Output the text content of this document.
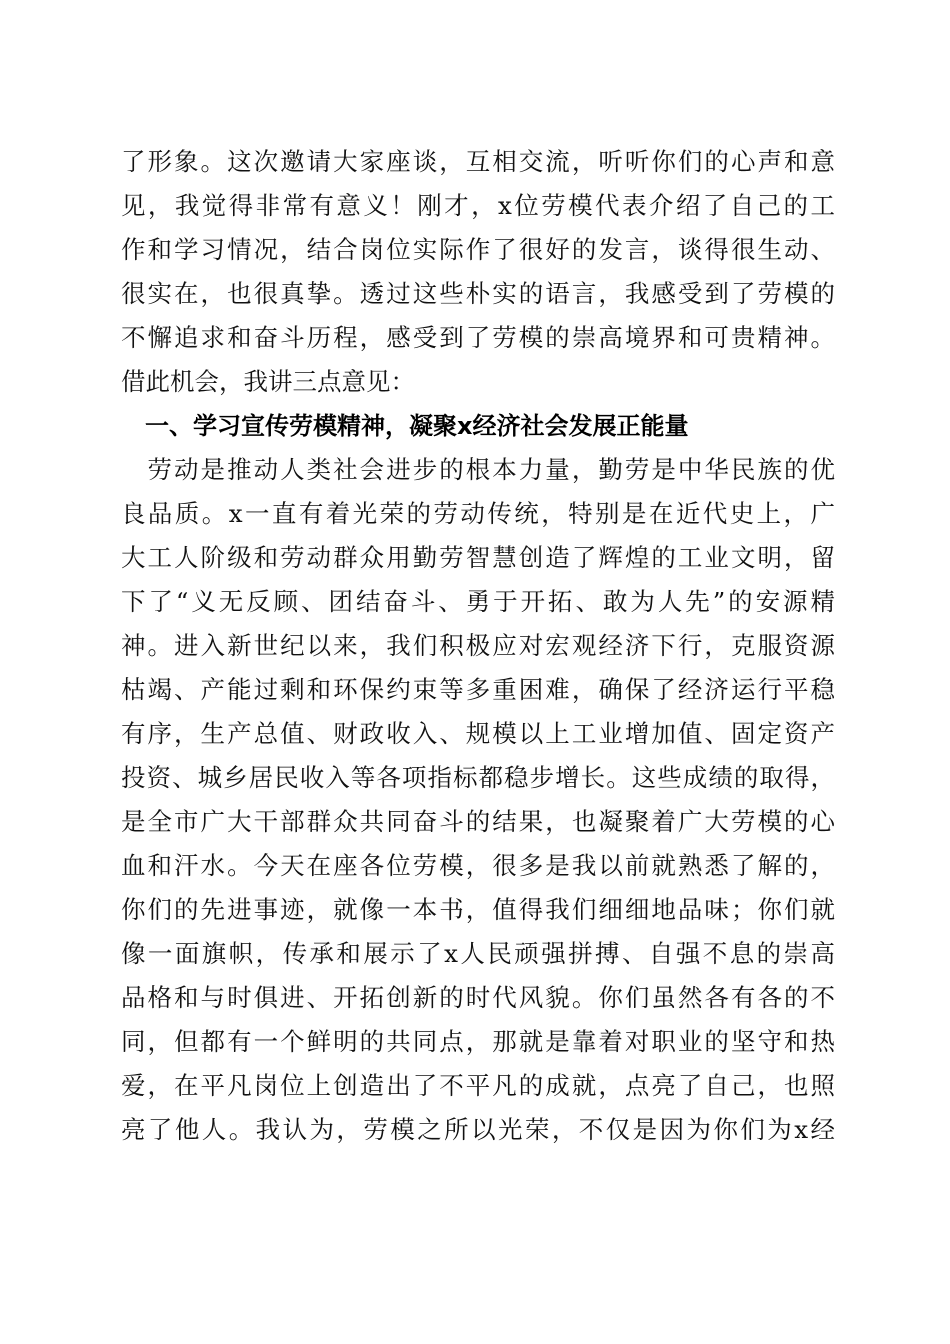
了形象。这次邀请大家座谈，互相交流，听听你们的心声和意
见，我觉得非常有意义！刚才，x位劳模代表介绍了自己的工
作和学习情况，结合岗位实际作了很好的发言，谈得很生动、
很实在，也很真挚。透过这些朴实的语言，我感受到了劳模的
不懈追求和奋斗历程，感受到了劳模的崇高境界和可贵精神。
借此机会，我讲三点意见：
　一、学习宣传劳模精神，凝聚x经济社会发展正能量
　劳动是推动人类社会进步的根本力量，勤劳是中华民族的优
良品质。x一直有着光荣的劳动传统，特别是在近代史上，广
大工人阶级和劳动群众用勤劳智慧创造了辉煌的工业文明，留
下了“义无反顾、团结奋斗、勇于开拓、敢为人先”的安源精
神。进入新世纪以来，我们积极应对宏观经济下行，克服资源
枯竭、产能过剩和环保约束等多重困难，确保了经济运行平稳
有序，生产总值、财政收入、规模以上工业增加值、固定资产
投资、城乡居民收入等各项指标都稳步增长。这些成绩的取得，
是全市广大干部群众共同奋斗的结果，也凝聚着广大劳模的心
血和汗水。今天在座各位劳模，很多是我以前就熟悉了解的，
你们的先进事迹，就像一本书，值得我们细细地品味；你们就
像一面旗帜，传承和展示了x人民顽强拼搏、自强不息的崇高
品格和与时俱进、开拓创新的时代风貌。你们虽然各有各的不
同，但都有一个鲜明的共同点，那就是靠着对职业的坚守和热
爱，在平凡岗位上创造出了不平凡的成就，点亮了自己，也照
亮了他人。我认为，劳模之所以光荣，不仅是因为你们为x经
